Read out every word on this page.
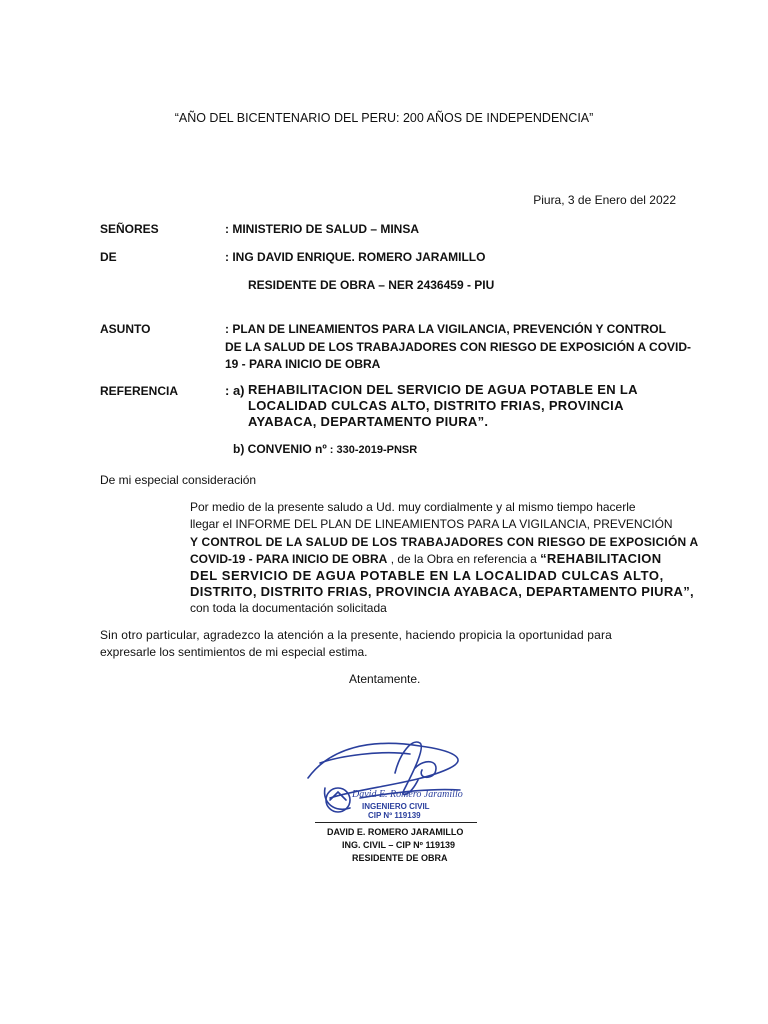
“AÑO DEL BICENTENARIO DEL PERU: 200 AÑOS DE INDEPENDENCIA”
Piura, 3 de Enero del 2022
SEÑORES	: MINISTERIO DE SALUD – MINSA
DE	: ING DAVID ENRIQUE. ROMERO JARAMILLO
RESIDENTE DE OBRA – NER 2436459 - PIU
ASUNTO	: PLAN DE LINEAMIENTOS PARA LA VIGILANCIA, PREVENCIÓN Y CONTROL
DE LA SALUD DE LOS TRABAJADORES CON RIESGO DE EXPOSICIÓN A COVID-
19 - PARA INICIO DE OBRA
REFERENCIA	: a) REHABILITACION DEL SERVICIO DE AGUA POTABLE EN LA
LOCALIDAD CULCAS ALTO, DISTRITO FRIAS, PROVINCIA
AYABACA, DEPARTAMENTO PIURA”.
b) CONVENIO nº : 330-2019-PNSR
De mi especial consideración
Por medio de la presente saludo a Ud. muy cordialmente y al mismo tiempo hacerle
llegar el INFORME DEL PLAN DE LINEAMIENTOS PARA LA VIGILANCIA, PREVENCIÓN
Y CONTROL DE LA SALUD DE LOS TRABAJADORES CON RIESGO DE EXPOSICIÓN A
COVID-19 - PARA INICIO DE OBRA , de la Obra en referencia a “REHABILITACION
DEL SERVICIO DE AGUA POTABLE EN LA LOCALIDAD CULCAS ALTO,
DISTRITO, DISTRITO FRIAS, PROVINCIA AYABACA, DEPARTAMENTO PIURA”,
con toda la documentación solicitada
Sin otro particular, agradezco la atención a la presente, haciendo propicia la oportunidad para
expresarle los sentimientos de mi especial estima.
Atentamente.
David E. Romero Jaramillo
INGENIERO CIVIL
CIP Nº 119139
DAVID E. ROMERO JARAMILLO
ING. CIVIL – CIP Nº 119139
RESIDENTE DE OBRA
